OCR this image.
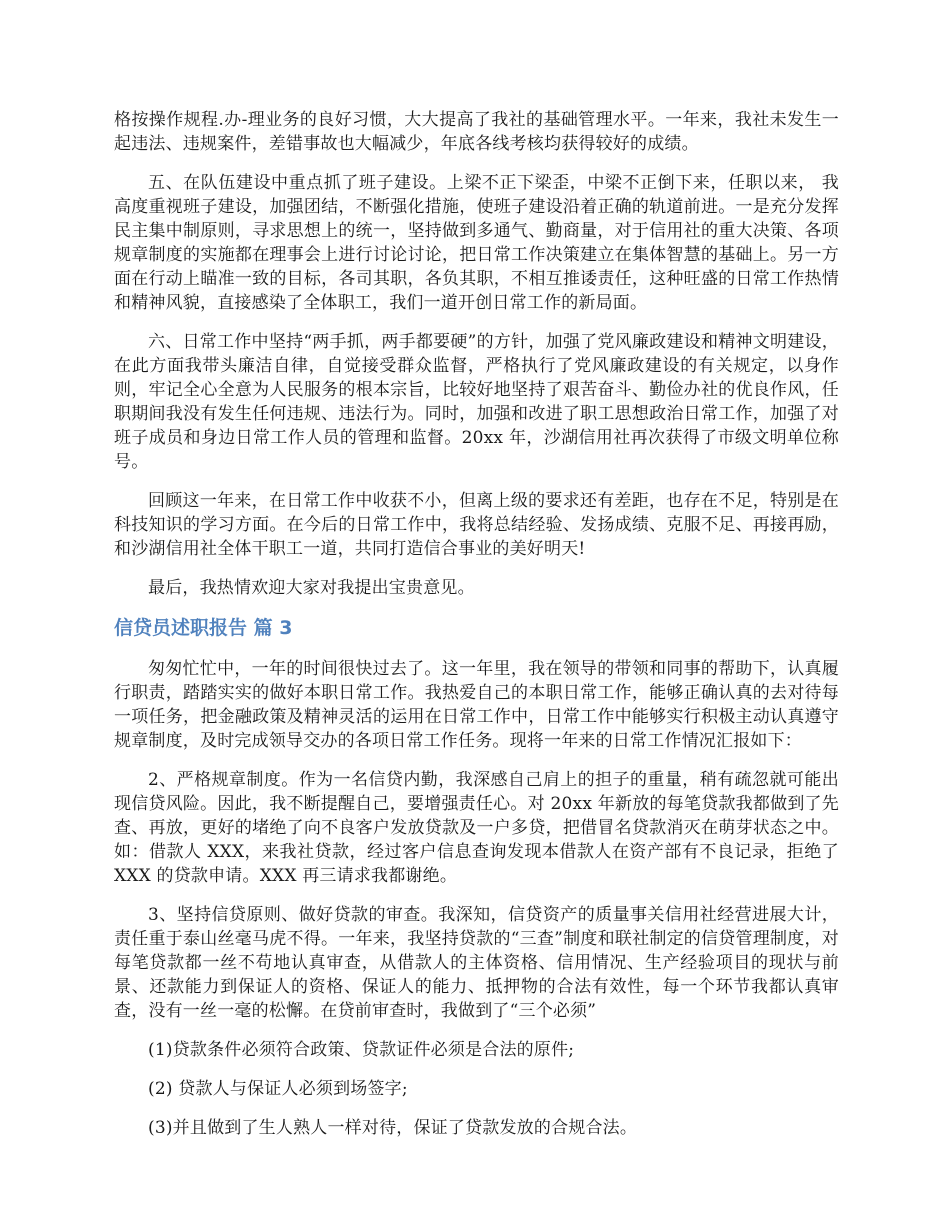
格按操作规程.办-理业务的良好习惯，大大提高了我社的基础管理水平。一年来，我社未发生一起违法、违规案件，差错事故也大幅减少，年底各线考核均获得较好的成绩。

五、在队伍建设中重点抓了班子建设。上梁不正下梁歪，中梁不正倒下来，任职以来， 我高度重视班子建设，加强团结，不断强化措施，使班子建设沿着正确的轨道前进。一是充分发挥民主集中制原则，寻求思想上的统一，坚持做到多通气、勤商量，对于信用社的重大决策、各项规章制度的实施都在理事会上进行讨论讨论，把日常工作决策建立在集体智慧的基础上。另一方面在行动上瞄准一致的目标，各司其职，各负其职，不相互推诿责任，这种旺盛的日常工作热情和精神风貌，直接感染了全体职工，我们一道开创日常工作的新局面。

六、日常工作中坚持“两手抓，两手都要硬”的方针，加强了党风廉政建设和精神文明建设， 在此方面我带头廉洁自律，自觉接受群众监督，严格执行了党风廉政建设的有关规定，以身作则，牢记全心全意为人民服务的根本宗旨，比较好地坚持了艰苦奋斗、勤俭办社的优良作风，任职期间我没有发生任何违规、违法行为。同时，加强和改进了职工思想政治日常工作，加强了对班子成员和身边日常工作人员的管理和监督。20xx 年，沙湖信用社再次获得了市级文明单位称号。

回顾这一年来，在日常工作中收获不小，但离上级的要求还有差距，也存在不足，特别是在科技知识的学习方面。在今后的日常工作中，我将总结经验、发扬成绩、克服不足、再接再励，和沙湖信用社全体干职工一道，共同打造信合事业的美好明天!

最后，我热情欢迎大家对我提出宝贵意见。

信贷员述职报告 篇 3

匆匆忙忙中，一年的时间很快过去了。这一年里，我在领导的带领和同事的帮助下，认真履行职责，踏踏实实的做好本职日常工作。我热爱自己的本职日常工作，能够正确认真的去对待每一项任务，把金融政策及精神灵活的运用在日常工作中，日常工作中能够实行积极主动认真遵守规章制度，及时完成领导交办的各项日常工作任务。现将一年来的日常工作情况汇报如下：

2、严格规章制度。作为一名信贷内勤，我深感自己肩上的担子的重量，稍有疏忽就可能出现信贷风险。因此，我不断提醒自己，要增强责任心。对 20xx 年新放的每笔贷款我都做到了先查、再放，更好的堵绝了向不良客户发放贷款及一户多贷，把借冒名贷款消灭在萌芽状态之中。如：借款人 XXX，来我社贷款，经过客户信息查询发现本借款人在资产部有不良记录，拒绝了 XXX 的贷款申请。XXX 再三请求我都谢绝。

3、坚持信贷原则、做好贷款的审查。我深知，信贷资产的质量事关信用社经营进展大计，责任重于泰山丝毫马虎不得。一年来，我坚持贷款的“三查”制度和联社制定的信贷管理制度，对每笔贷款都一丝不苟地认真审查，从借款人的主体资格、信用情况、生产经验项目的现状与前景、还款能力到保证人的资格、保证人的能力、抵押物的合法有效性，每一个环节我都认真审查，没有一丝一毫的松懈。在贷前审查时，我做到了“三个必须”

(1)贷款条件必须符合政策、贷款证件必须是合法的原件;

(2) 贷款人与保证人必须到场签字;

(3)并且做到了生人熟人一样对待，保证了贷款发放的合规合法。
